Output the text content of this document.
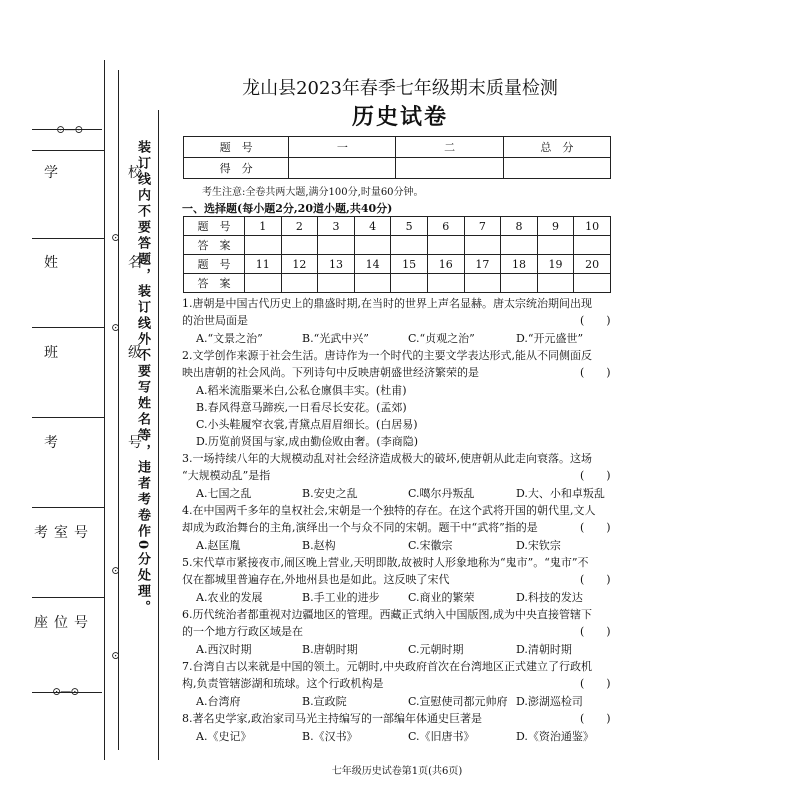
⊙—⊙
⊙
⊙
⊙
⊙
⊙—⊙
学　校
姓　名
班　级
考　号
考室号
座位号
装订线内不要答题，装订线外不要写姓名等，违者考卷作0分处理。
龙山县2023年春季七年级期末质量检测
历史试卷
题　号	一	二	总　分
得　分			
考生注意:全卷共两大题,满分100分,时量60分钟。
一、选择题(每小题2分,20道小题,共40分)
题　号	1	2	3	4	5	6	7	8	9	10
答　案										
题　号	11	12	13	14	15	16	17	18	19	20
答　案										
1.唐朝是中国古代历史上的鼎盛时期,在当时的世界上声名显赫。唐太宗统治期间出现
的治世局面是	(　　)
A.“文景之治”	B.“光武中兴”	C.“贞观之治”	D.“开元盛世”
2.文学创作来源于社会生活。唐诗作为一个时代的主要文学表达形式,能从不同侧面反
映出唐朝的社会风尚。下列诗句中反映唐朝盛世经济繁荣的是	(　　)
A.稻米流脂粟米白,公私仓廪俱丰实。(杜甫)
B.春风得意马蹄疾,一日看尽长安花。(孟郊)
C.小头鞋履窄衣裳,青黛点眉眉细长。(白居易)
D.历览前贤国与家,成由勤俭败由奢。(李商隐)
3.一场持续八年的大规模动乱对社会经济造成极大的破坏,使唐朝从此走向衰落。这场
“大规模动乱”是指	(　　)
A.七国之乱	B.安史之乱	C.噶尔丹叛乱	D.大、小和卓叛乱
4.在中国两千多年的皇权社会,宋朝是一个独特的存在。在这个武将开国的朝代里,文人
却成为政治舞台的主角,演绎出一个与众不同的宋朝。题干中“武将”指的是	(　　)
A.赵匡胤	B.赵构	C.宋徽宗	D.宋钦宗
5.宋代草市紧接夜市,闹区晚上营业,天明即散,故被时人形象地称为“鬼市”。“鬼市”不
仅在都城里普遍存在,外地州县也是如此。这反映了宋代	(　　)
A.农业的发展	B.手工业的进步	C.商业的繁荣	D.科技的发达
6.历代统治者都重视对边疆地区的管理。西藏正式纳入中国版图,成为中央直接管辖下
的一个地方行政区域是在	(　　)
A.西汉时期	B.唐朝时期	C.元朝时期	D.清朝时期
7.台湾自古以来就是中国的领土。元朝时,中央政府首次在台湾地区正式建立了行政机
构,负责管辖澎湖和琉球。这个行政机构是	(　　)
A.台湾府	B.宣政院	C.宣慰使司都元帅府 D.澎湖巡检司
8.著名史学家,政治家司马光主持编写的一部编年体通史巨著是	(　　)
A.《史记》	B.《汉书》	C.《旧唐书》	D.《资治通鉴》
七年级历史试卷第1页(共6页)
